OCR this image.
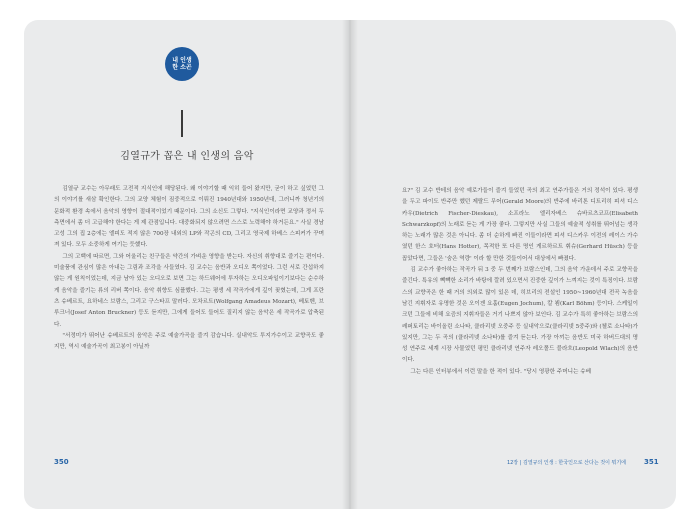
내 인생
한 소곤
김열규가 꼽은 내 인생의 음악

김열규 교수는 아무래도 고전적 지식인에 해당된다. 왜 이야기할 때 익히 들어 왔지만, 굳이 하고 싶었던 그의 이야기를 새삼 확인한다. 그의 교양 체험이 짐중적으로 이뤄진 1940년대와 1950년대, 그러니까 청년기의 문화적 환경 속에서 음악의 영향이 절대적이었기 때문이다. 그의 소신도 그렇다. "지식인이라면 교양과 정서 두 측면에서 좀 더 고급해야 한다는 게 제 관점입니다. 대중화되지 않으려면 스스로 노력해야 하거든요." 사실 경남 고성 그의 집 2층에는 엘피도 적지 않은 700장 내외의 LP와 작곤의 CD, 그리고 영국제 하베스 스피커가 꾸며져 있다. 모두 소중하게 여기는 듯했다.

그의 고백에 따르면, 그와 어울리는 친구들은 약간의 가벼운 영향을 받는다. 자신의 취향대로 즐기는 편이다. 미술품에 관심이 많은 아내는 그림과 조각을 사들였다. 김 교수는 음반과 오디오 쪽이었다. 그런 서로 간섭하지 않는 게 원칙이었는데, 지금 남아 있는 오디오로 보면 그는 하드웨어에 투자하는 오디오파일이기보다는 순수하게 음악을 즐기는 류의 리버 쪽이다. 음악 취향도 심플했다. 그는 평생 세 작곡가에게 깊이 꽂혔는데, 그게 프란츠 슈베르트, 요하네스 브람스, 그리고 구스타프 말러다. 모차르트(Wolfgang Amadeus Mozart), 베토벤, 브루크너(Josef Anton Bruckner) 등도 듣지만, 그에게 들어도 들어도 질리지 않는 음악은 세 작곡가로 압축된다.

"서정미가 뛰어난 슈베르트의 음악은 주로 예술가곡을 즐겨 감습니다. 실내악도 투지가수이고 교향곡도 좋지만, 역시 예술가곡이 최고봉이 아닐까

350

요?" 김 교수 반테의 음악 예로가들이 즐겨 들었던 곡의 최고 연주가들은 거의 정석이 있다. 평생을 두고 파이도 반주만 했던 제랄드 무어(Gerald Moore)의 반주에 바리톤 디트리히 피셔 디스카우(Dietrich Fischer-Dieskau), 소프라노 엘리자베스 슈바르츠코프(Elisabeth Schwarzkopf)의 노래로 듣는 게 가장 좋다. 그렇지만 사실 그들의 예술적 성취를 뛰어넘는 생각하는 노래가 많은 것은 아니다. 좀 더 순하게 빠진 이들이라면 피셔 디스카우 이전의 레이스 가수였던 한스 호터(Hans Hotter), 목적한 또 다른 명인 게르하르트 휘슈(Gerhard Hüsch) 등을 꼽았다면, 그들은 '숨은 역량' 이라 할 만한 것들이어서 대상에서 빠졌다.

김 교수가 좋아하는 작곡가 뒤 3 중 두 번째가 브람스인데, 그의 음악 가운데서 주로 교향곡을 즐긴다. 특유의 빽빽한 소리가 바탕에 깔려 있으면서 진중한 깊이가 느껴지는 것이 특징이다. 브람스의 교향곡은 한 때 거의 의외로 많이 있은 데, 히브리의 전설인 1950~1960년대 전곡 녹음을 남긴 지휘자로 유명한 것은 오이겐 요훔(Eugen Jochum), 칼 뵘(Karl Böhm) 등이다. 스케일이 크던 그들에 비해 요즘의 지휘자들은 거기 나쁘지 않아 보인다. 김 교수가 특히 좋아하는 브람스의 레퍼토리는 바이올린 소나타, 클라리넷 오중주 등 실내악으로(클라리넷 5중주)와 (첼로 소나타)가 있지만, 그는 두 곡의 (클라리넷 소나타)를 즐겨 듣는다. 가장 아끼는 음반도 미국 하버드대의 명성 연주로 세계 시장 사물었던 평민 클라리넷 연주자 레오폴드 블라흐(Leopold Wlach)의 음반이다.

그는 다른 인터뷰에서 이런 말을 한 적이 있다. "당시 영광한 주머니는 슈베

12장 | 김열규의 인생 : 한국인으로 산다는 것이 뭐기에	351
